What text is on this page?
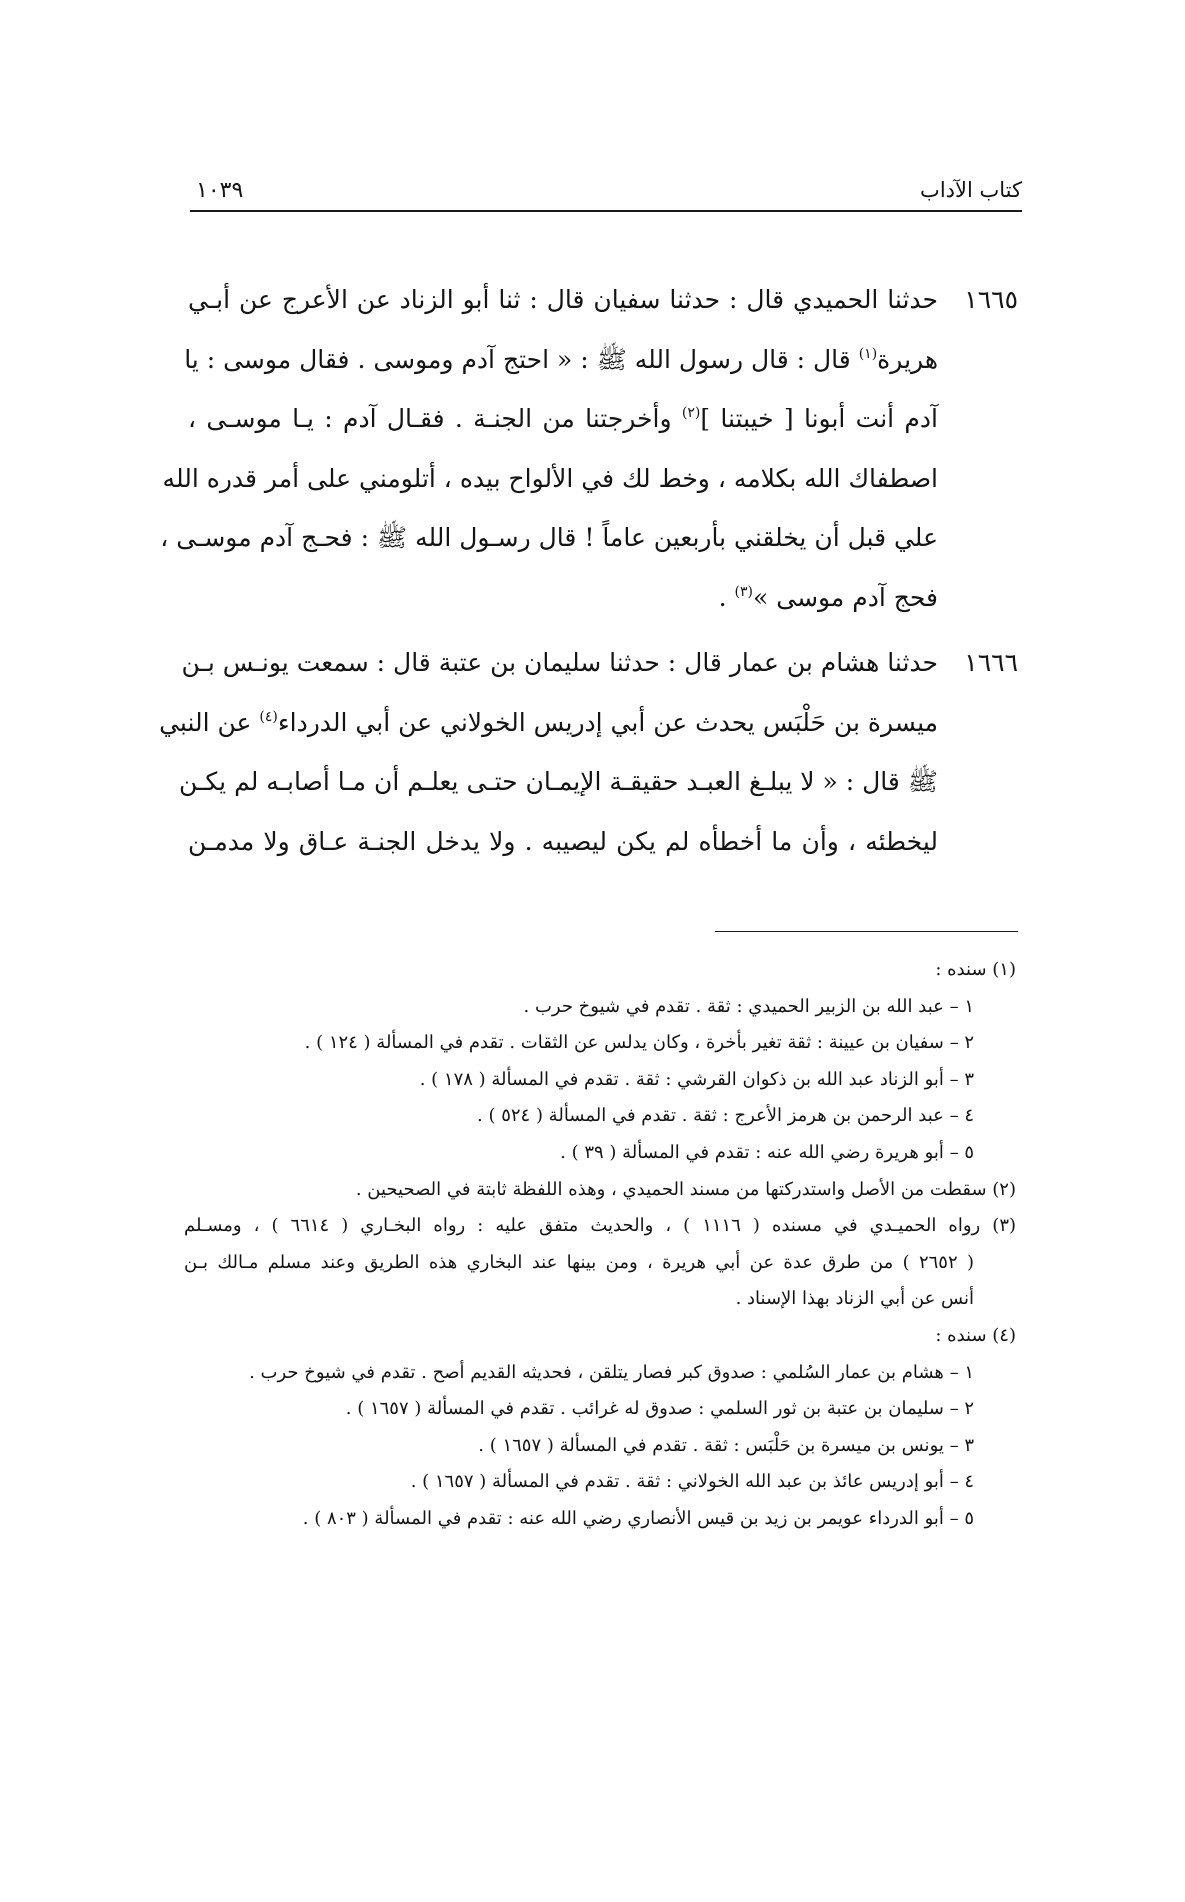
كتاب الآداب
١٠٣٩
١٦٦٥
حدثنا الحميدي قال : حدثنا سفيان قال : ثنا أبو الزناد عن الأعرج عن أبـي
هريرة$^{(١)}$ قال : قال رسول الله ﷺ : « احتج آدم وموسى . فقال موسى : يا
آدم أنت أبونا [ خيبتنا ]$^{(٢)}$ وأخرجتنا من الجنـة . فقـال آدم : يـا موسـى ،
اصطفاك الله بكلامه ، وخط لك في الألواح بيده ، أتلومني على أمر قدره الله
علي قبل أن يخلقني بأربعين عاماً ! قال رسـول الله ﷺ : فحـج آدم موسـى ،
فحج آدم موسى »$^{(٣)}$ .
١٦٦٦
حدثنا هشام بن عمار قال : حدثنا سليمان بن عتبة قال : سمعت يونـس بـن
ميسرة بن حَلْبَس يحدث عن أبي إدريس الخولاني عن أبي الدرداء$^{(٤)}$ عن النبي
ﷺ قال : « لا يبلـغ العبـد حقيقـة الإيمـان حتـى يعلـم أن مـا أصابـه لم يكـن
ليخطئه ، وأن ما أخطأه لم يكن ليصيبه . ولا يدخل الجنـة عـاق ولا مدمـن
(١) سنده :
١ – عبد الله بن الزبير الحميدي : ثقة . تقدم في شيوخ حرب .
٢ – سفيان بن عيينة : ثقة تغير بأخرة ، وكان يدلس عن الثقات . تقدم في المسألة ( ١٢٤ ) .
٣ – أبو الزناد عبد الله بن ذكوان القرشي : ثقة . تقدم في المسألة ( ١٧٨ ) .
٤ – عبد الرحمن بن هرمز الأعرج : ثقة . تقدم في المسألة ( ٥٢٤ ) .
٥ – أبو هريرة رضي الله عنه : تقدم في المسألة ( ٣٩ ) .
(٢) سقطت من الأصل واستدركتها من مسند الحميدي ، وهذه اللفظة ثابتة في الصحيحين .
(٣) رواه الحميـدي في مسنده ( ١١١٦ ) ، والحديث متفق عليه : رواه البخـاري ( ٦٦١٤ ) ، ومسـلم
( ٢٦٥٢ ) من طرق عدة عن أبي هريرة ، ومن بينها عند البخاري هذه الطريق وعند مسلم مـالك بـن
أنس عن أبي الزناد بهذا الإسناد .
(٤) سنده :
١ – هشام بن عمار السُلمي : صدوق كبر فصار يتلقن ، فحديثه القديم أصح . تقدم في شيوخ حرب .
٢ – سليمان بن عتبة بن ثور السلمي : صدوق له غرائب . تقدم في المسألة ( ١٦٥٧ ) .
٣ – يونس بن ميسرة بن حَلْبَس : ثقة . تقدم في المسألة ( ١٦٥٧ ) .
٤ – أبو إدريس عائذ بن عبد الله الخولاني : ثقة . تقدم في المسألة ( ١٦٥٧ ) .
٥ – أبو الدرداء عويمر بن زيد بن قيس الأنصاري رضي الله عنه : تقدم في المسألة ( ٨٠٣ ) .
